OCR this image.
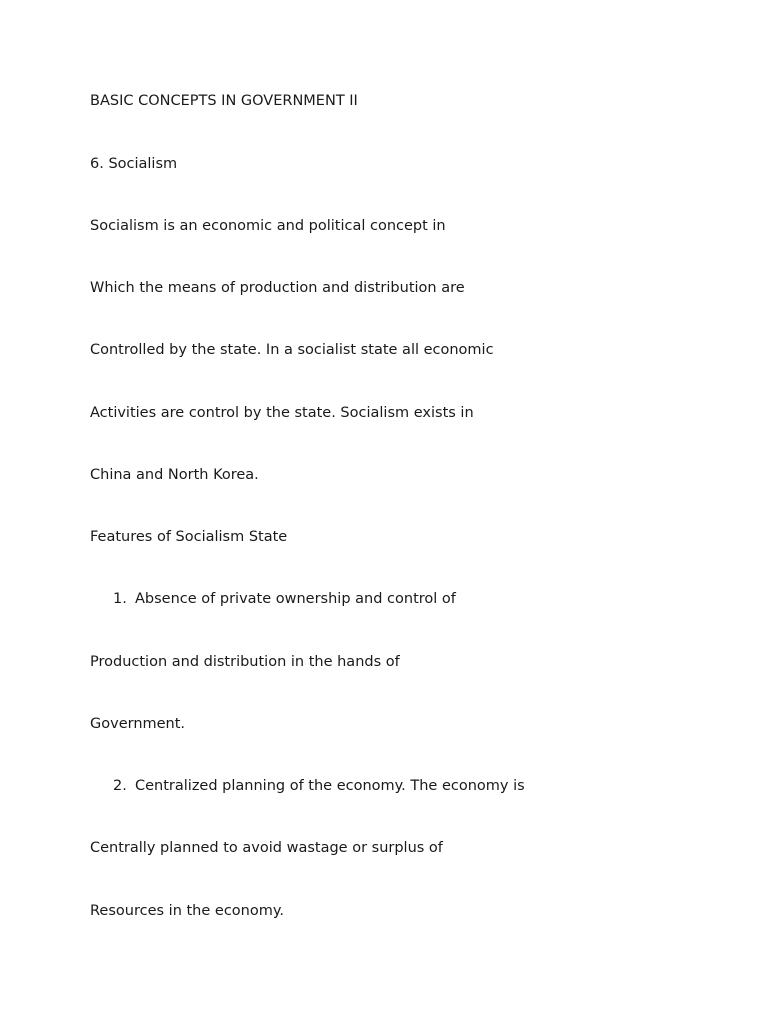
BASIC CONCEPTS IN GOVERNMENT II
6. Socialism
Socialism is an economic and political concept in
Which the means of production and distribution are
Controlled by the state. In a socialist state all economic
Activities are control by the state. Socialism exists in
China and North Korea.
Features of Socialism State
1. Absence of private ownership and control of
Production and distribution in the hands of
Government.
2. Centralized planning of the economy. The economy is
Centrally planned to avoid wastage or surplus of
Resources in the economy.
